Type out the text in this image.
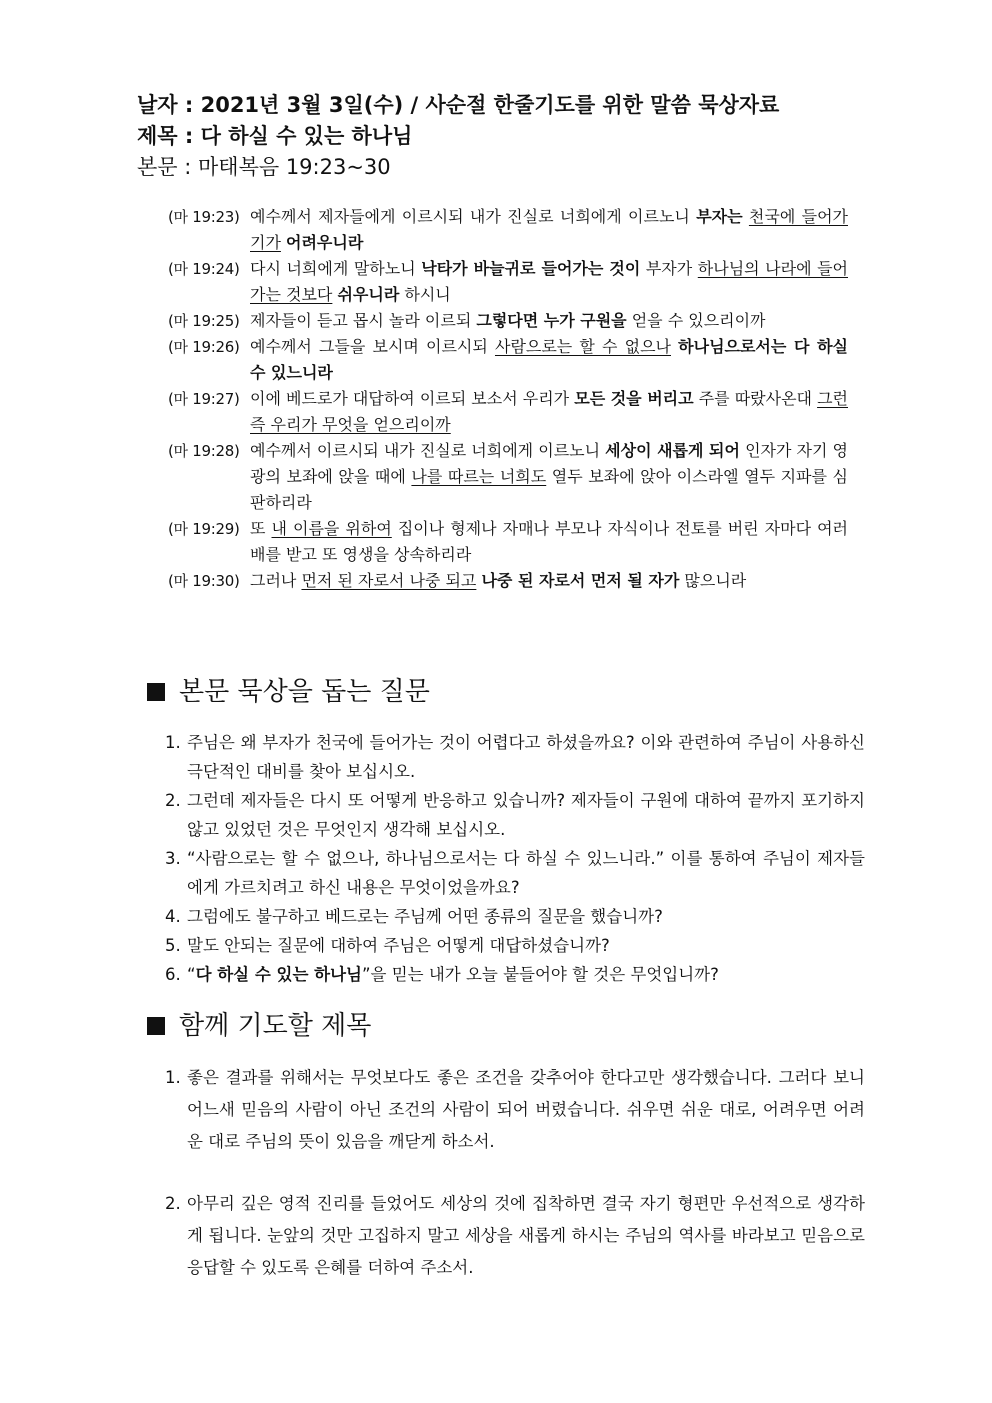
날자 : 2021년 3월 3일(수) / 사순절 한줄기도를 위한 말씀 묵상자료
제목 : 다 하실 수 있는 하나님
본문 : 마태복음 19:23~30
(마 19:23) 예수께서 제자들에게 이르시되 내가 진실로 너희에게 이르노니 부자는 천국에 들어가기가 어려우니라
(마 19:24) 다시 너희에게 말하노니 낙타가 바늘귀로 들어가는 것이 부자가 하나님의 나라에 들어가는 것보다 쉬우니라 하시니
(마 19:25) 제자들이 듣고 몹시 놀라 이르되 그렇다면 누가 구원을 얻을 수 있으리이까
(마 19:26) 예수께서 그들을 보시며 이르시되 사람으로는 할 수 없으나 하나님으로서는 다 하실 수 있느니라
(마 19:27) 이에 베드로가 대답하여 이르되 보소서 우리가 모든 것을 버리고 주를 따랐사온대 그런즉 우리가 무엇을 얻으리이까
(마 19:28) 예수께서 이르시되 내가 진실로 너희에게 이르노니 세상이 새롭게 되어 인자가 자기 영광의 보좌에 앉을 때에 나를 따르는 너희도 열두 보좌에 앉아 이스라엘 열두 지파를 심판하리라
(마 19:29) 또 내 이름을 위하여 집이나 형제나 자매나 부모나 자식이나 전토를 버린 자마다 여러 배를 받고 또 영생을 상속하리라
(마 19:30) 그러나 먼저 된 자로서 나중 되고 나중 된 자로서 먼저 될 자가 많으니라
본문 묵상을 돕는 질문
1. 주님은 왜 부자가 천국에 들어가는 것이 어렵다고 하셨을까요? 이와 관련하여 주님이 사용하신 극단적인 대비를 찾아 보십시오.
2. 그런데 제자들은 다시 또 어떻게 반응하고 있습니까? 제자들이 구원에 대하여 끝까지 포기하지 않고 있었던 것은 무엇인지 생각해 보십시오.
3. “사람으로는 할 수 없으나, 하나님으로서는 다 하실 수 있느니라.” 이를 통하여 주님이 제자들에게 가르치려고 하신 내용은 무엇이었을까요?
4. 그럼에도 불구하고 베드로는 주님께 어떤 종류의 질문을 했습니까?
5. 말도 안되는 질문에 대하여 주님은 어떻게 대답하셨습니까?
6. “다 하실 수 있는 하나님”을 믿는 내가 오늘 붙들어야 할 것은 무엇입니까?
함께 기도할 제목
1. 좋은 결과를 위해서는 무엇보다도 좋은 조건을 갖추어야 한다고만 생각했습니다. 그러다 보니 어느새 믿음의 사람이 아닌 조건의 사람이 되어 버렸습니다. 쉬우면 쉬운 대로, 어려우면 어려운 대로 주님의 뜻이 있음을 깨닫게 하소서.
2. 아무리 깊은 영적 진리를 들었어도 세상의 것에 집착하면 결국 자기 형편만 우선적으로 생각하게 됩니다. 눈앞의 것만 고집하지 말고 세상을 새롭게 하시는 주님의 역사를 바라보고 믿음으로 응답할 수 있도록 은혜를 더하여 주소서.
